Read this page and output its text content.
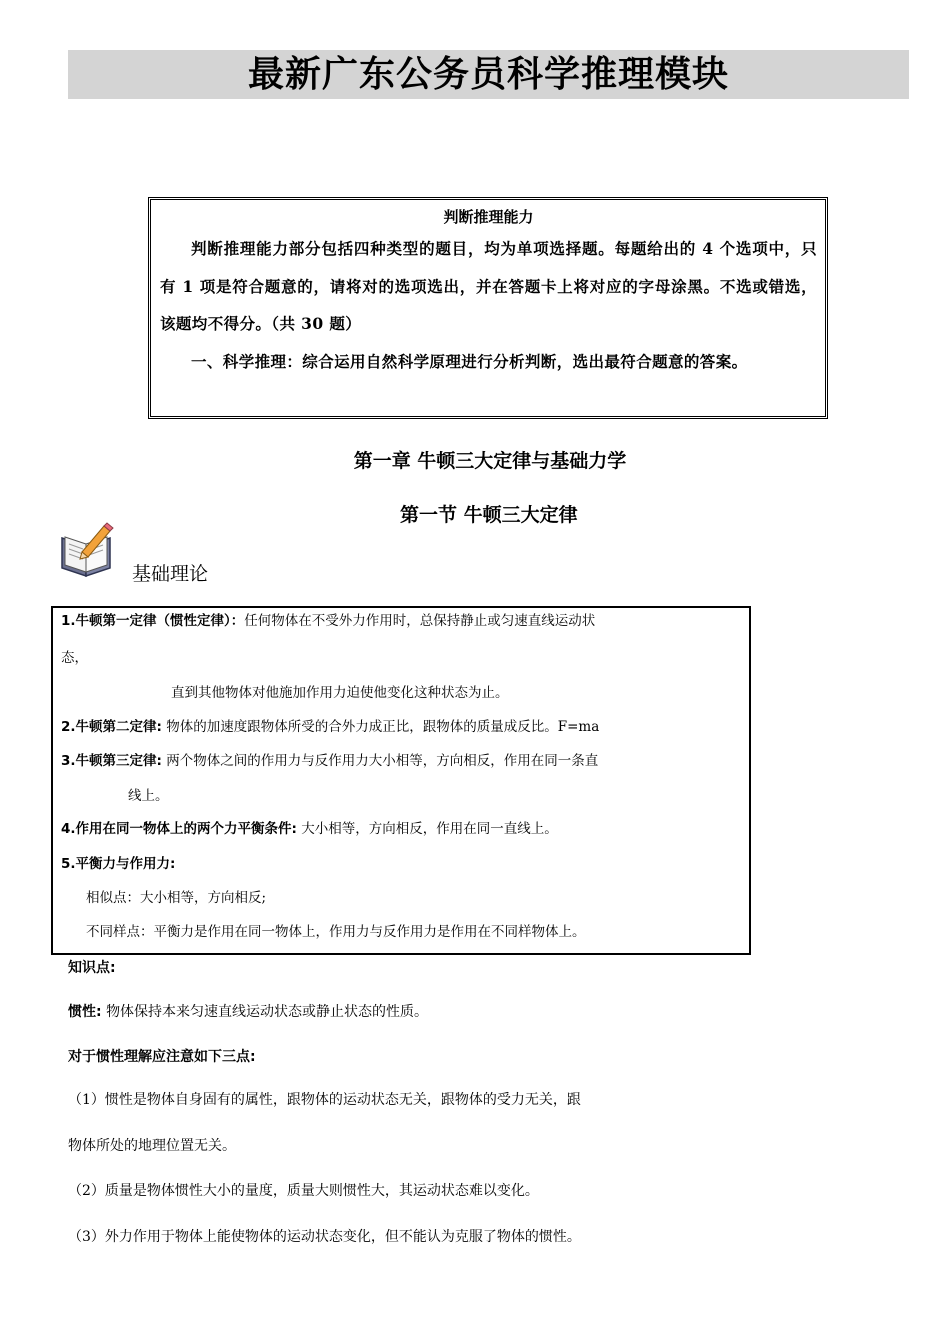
最新广东公务员科学推理模块
判断推理能力

判断推理能力部分包括四种类型的题目，均为单项选择题。每题给出的 4 个选项中，只有 1 项是符合题意的，请将对的选项选出，并在答题卡上将对应的字母涂黑。不选或错选，该题均不得分。（共 30 题）

一、科学推理：综合运用自然科学原理进行分析判断，选出最符合题意的答案。

第一章 牛顿三大定律与基础力学
第一节 牛顿三大定律
基础理论
1.牛顿第一定律（惯性定律）：任何物体在不受外力作用时，总保持静止或匀速直线运动状
态，
直到其他物体对他施加作用力迫使他变化这种状态为止。
2.牛顿第二定律: 物体的加速度跟物体所受的合外力成正比，跟物体的质量成反比。F=ma
3.牛顿第三定律: 两个物体之间的作用力与反作用力大小相等，方向相反，作用在同一条直
线上。
4.作用在同一物体上的两个力平衡条件: 大小相等，方向相反，作用在同一直线上。
5.平衡力与作用力:
相似点：大小相等，方向相反;
不同样点：平衡力是作用在同一物体上，作用力与反作用力是作用在不同样物体上。
知识点:
惯性: 物体保持本来匀速直线运动状态或静止状态的性质。
对于惯性理解应注意如下三点:
（1）惯性是物体自身固有的属性，跟物体的运动状态无关，跟物体的受力无关，跟
物体所处的地理位置无关。
（2）质量是物体惯性大小的量度，质量大则惯性大，其运动状态难以变化。
（3）外力作用于物体上能使物体的运动状态变化，但不能认为克服了物体的惯性。
